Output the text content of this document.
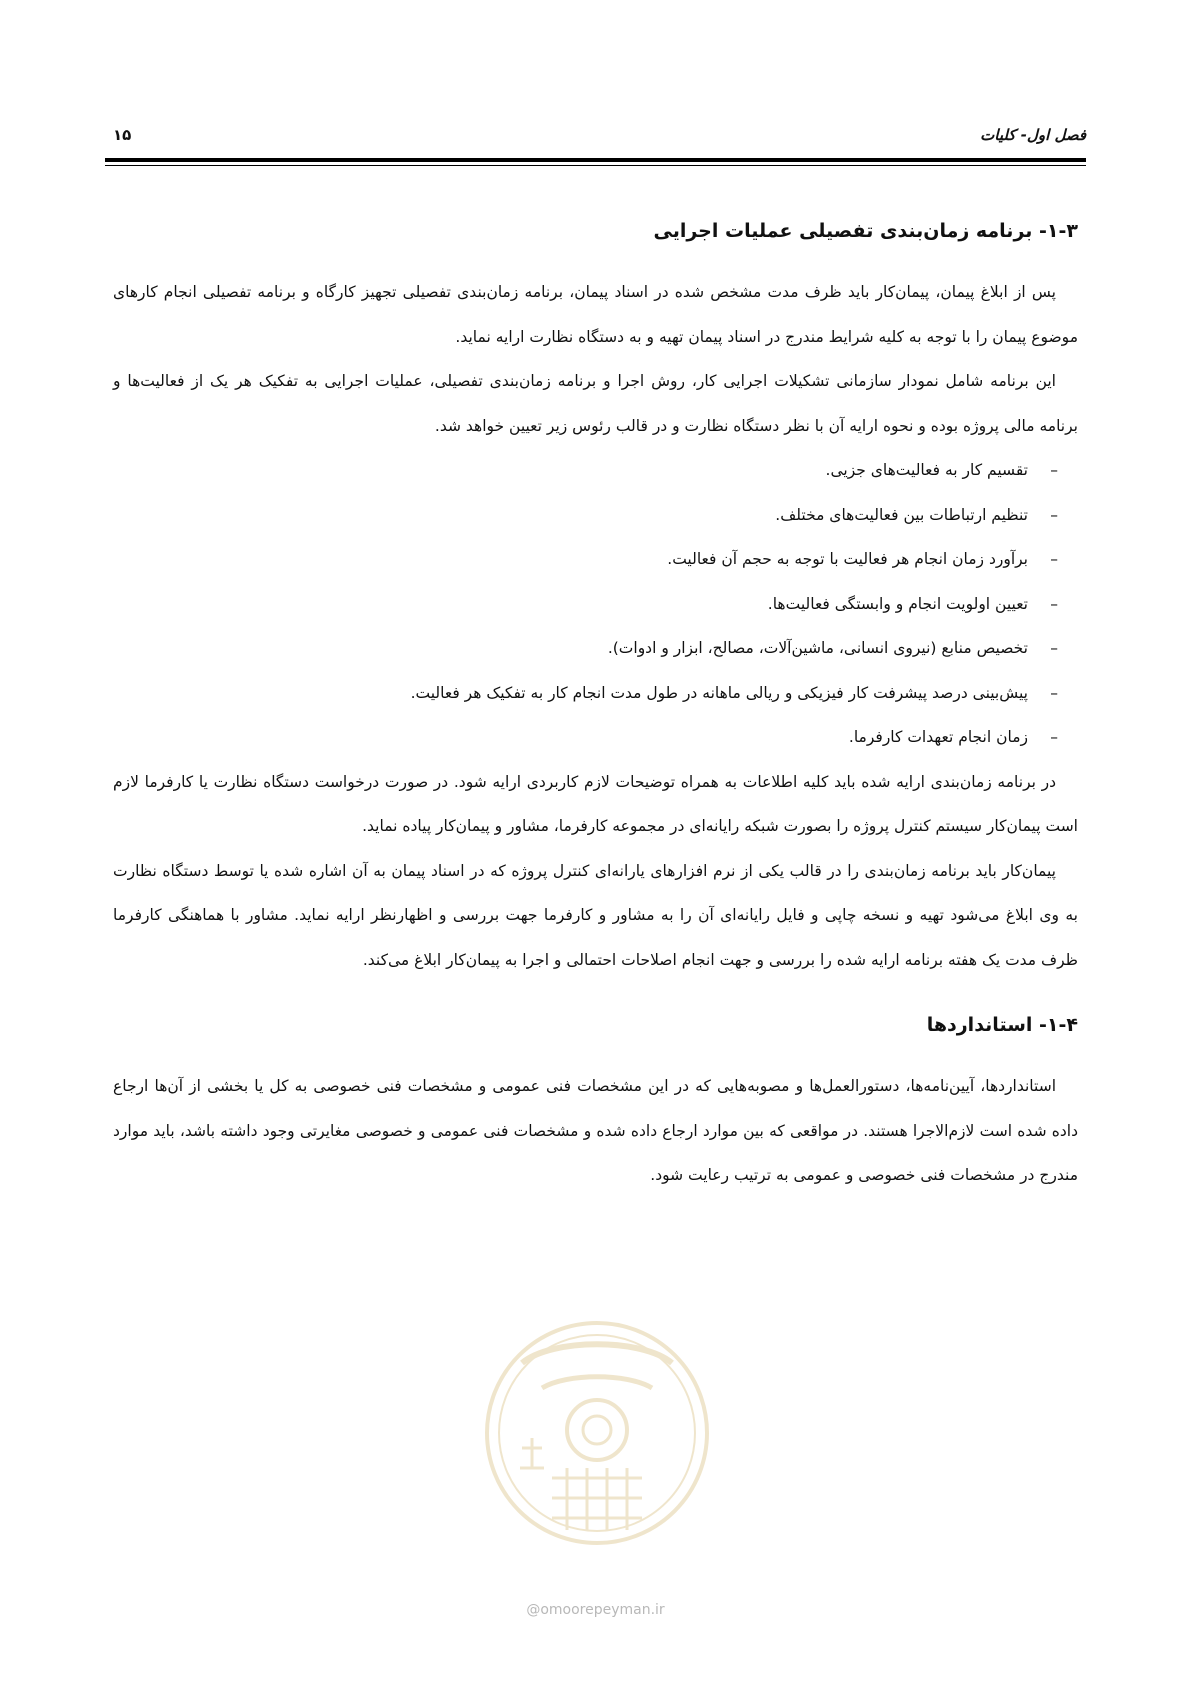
فصل اول- کلیات
۱۵
۱-۳- برنامه زمان‌بندی تفصیلی عملیات اجرایی

پس از ابلاغ پیمان، پیمان‌کار باید ظرف مدت مشخص شده در اسناد پیمان، برنامه زمان‌بندی تفصیلی تجهیز کارگاه و برنامه تفصیلی انجام کارهای موضوع پیمان را با توجه به کلیه شرایط مندرج در اسناد پیمان تهیه و به دستگاه نظارت ارایه نماید.

این برنامه شامل نمودار سازمانی تشکیلات اجرایی کار، روش اجرا و برنامه زمان‌بندی تفصیلی، عملیات اجرایی به تفکیک هر یک از فعالیت‌ها و برنامه مالی پروژه بوده و نحوه ارایه آن با نظر دستگاه نظارت و در قالب رئوس زیر تعیین خواهد شد.

–
تقسیم کار به فعالیت‌های جزیی.
–
تنظیم ارتباطات بین فعالیت‌های مختلف.
–
برآورد زمان انجام هر فعالیت با توجه به حجم آن فعالیت.
–
تعیین اولویت انجام و وابستگی فعالیت‌ها.
–
تخصیص منابع (نیروی انسانی، ماشین‌آلات، مصالح، ابزار و ادوات).
–
پیش‌بینی درصد پیشرفت کار فیزیکی و ریالی ماهانه در طول مدت انجام کار به تفکیک هر فعالیت.
–
زمان انجام تعهدات کارفرما.

در برنامه زمان‌بندی ارایه شده باید کلیه اطلاعات به همراه توضیحات لازم کاربردی ارایه شود. در صورت درخواست دستگاه نظارت یا کارفرما لازم است پیمان‌کار سیستم کنترل پروژه را بصورت شبکه رایانه‌ای در مجموعه کارفرما، مشاور و پیمان‌کار پیاده نماید.

پیمان‌کار باید برنامه زمان‌بندی را در قالب یکی از نرم افزارهای یارانه‌ای کنترل پروژه که در اسناد پیمان به آن اشاره شده یا توسط دستگاه نظارت به وی ابلاغ می‌شود تهیه و نسخه چاپی و فایل رایانه‌ای آن را به مشاور و کارفرما جهت بررسی و اظهارنظر ارایه نماید. مشاور با هماهنگی کارفرما ظرف مدت یک هفته برنامه ارایه شده را بررسی و جهت انجام اصلاحات احتمالی و اجرا به پیمان‌کار ابلاغ می‌کند.

۱-۴- استانداردها

استانداردها، آیین‌نامه‌ها، دستورالعمل‌ها و مصوبه‌هایی که در این مشخصات فنی عمومی و مشخصات فنی خصوصی به کل یا بخشی از آن‌ها ارجاع داده شده است لازم‌الاجرا هستند. در مواقعی که بین موارد ارجاع داده شده و مشخصات فنی عمومی و خصوصی مغایرتی وجود داشته باشد، باید موارد مندرج در مشخصات فنی خصوصی و عمومی به ترتیب رعایت شود.

@omoorepeyman.ir
